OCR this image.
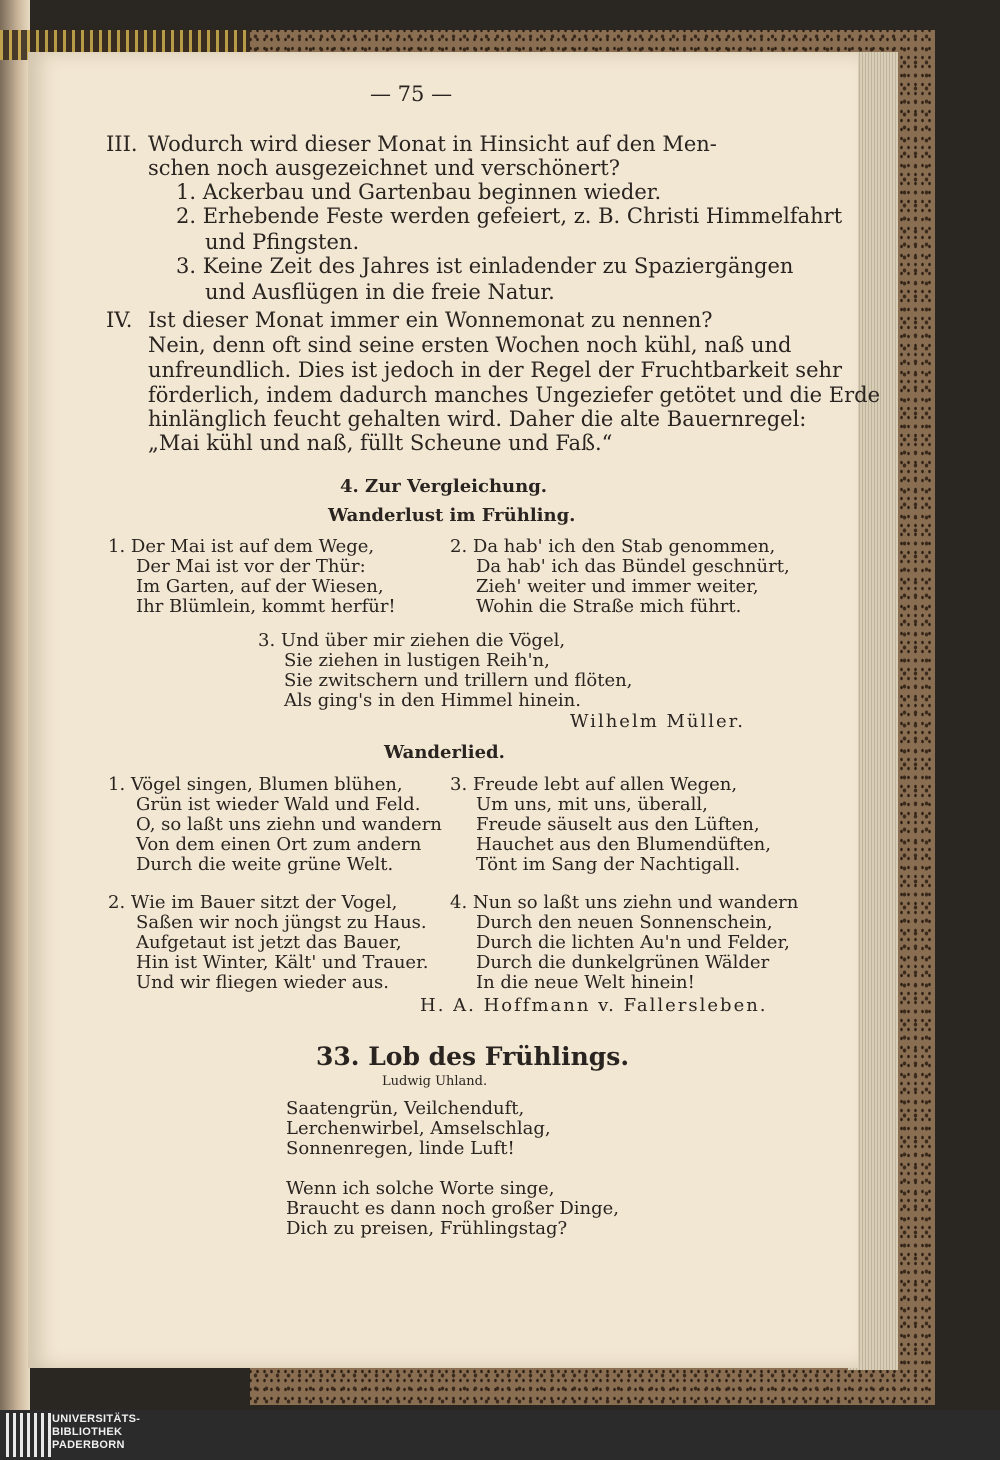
— 75 —
III. Wodurch wird dieser Monat in Hinsicht auf den Men-
schen noch ausgezeichnet und verschönert?
1. Ackerbau und Gartenbau beginnen wieder.
2. Erhebende Feste werden gefeiert, z. B. Christi Himmelfahrt
und Pfingsten.
3. Keine Zeit des Jahres ist einladender zu Spaziergängen
und Ausflügen in die freie Natur.
IV. Ist dieser Monat immer ein Wonnemonat zu nennen?
Nein, denn oft sind seine ersten Wochen noch kühl, naß und
unfreundlich. Dies ist jedoch in der Regel der Fruchtbarkeit sehr
förderlich, indem dadurch manches Ungeziefer getötet und die Erde
hinlänglich feucht gehalten wird. Daher die alte Bauernregel:
„Mai kühl und naß, füllt Scheune und Faß.“
4. Zur Vergleichung.
Wanderlust im Frühling.
1. Der Mai ist auf dem Wege,
Der Mai ist vor der Thür:
Im Garten, auf der Wiesen,
Ihr Blümlein, kommt herfür!
2. Da hab' ich den Stab genommen,
Da hab' ich das Bündel geschnürt,
Zieh' weiter und immer weiter,
Wohin die Straße mich führt.
3. Und über mir ziehen die Vögel,
Sie ziehen in lustigen Reih'n,
Sie zwitschern und trillern und flöten,
Als ging's in den Himmel hinein.
Wilhelm Müller.
Wanderlied.
1. Vögel singen, Blumen blühen,
Grün ist wieder Wald und Feld.
O, so laßt uns ziehn und wandern
Von dem einen Ort zum andern
Durch die weite grüne Welt.
3. Freude lebt auf allen Wegen,
Um uns, mit uns, überall,
Freude säuselt aus den Lüften,
Hauchet aus den Blumendüften,
Tönt im Sang der Nachtigall.
2. Wie im Bauer sitzt der Vogel,
Saßen wir noch jüngst zu Haus.
Aufgetaut ist jetzt das Bauer,
Hin ist Winter, Kält' und Trauer.
Und wir fliegen wieder aus.
4. Nun so laßt uns ziehn und wandern
Durch den neuen Sonnenschein,
Durch die lichten Au'n und Felder,
Durch die dunkelgrünen Wälder
In die neue Welt hinein!
H. A. Hoffmann v. Fallersleben.
33. Lob des Frühlings.
Ludwig Uhland.
Saatengrün, Veilchenduft,
Lerchenwirbel, Amselschlag,
Sonnenregen, linde Luft!
Wenn ich solche Worte singe,
Braucht es dann noch großer Dinge,
Dich zu preisen, Frühlingstag?
UNIVERSITÄTS-
BIBLIOTHEK
PADERBORN
